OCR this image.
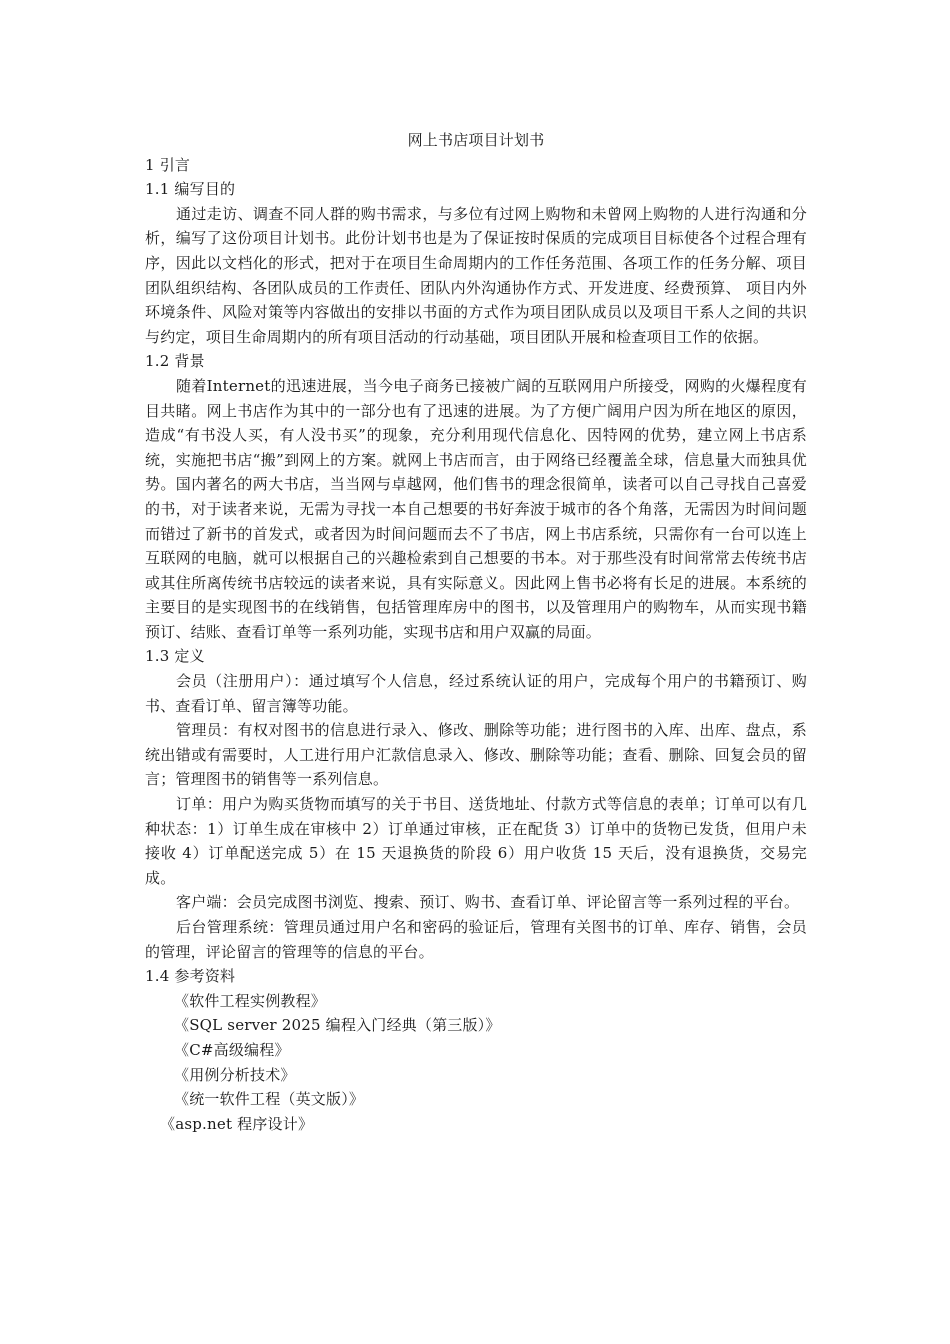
网上书店项目计划书

1 引言

1.1 编写目的

通过走访、调查不同人群的购书需求，与多位有过网上购物和未曾网上购物的人进行沟通和分析，编写了这份项目计划书。此份计划书也是为了保证按时保质的完成项目目标使各个过程合理有序，因此以文档化的形式，把对于在项目生命周期内的工作任务范围、各项工作的任务分解、项目团队组织结构、各团队成员的工作责任、团队内外沟通协作方式、开发进度、经费预算、 项目内外环境条件、风险对策等内容做出的安排以书面的方式作为项目团队成员以及项目干系人之间的共识与约定，项目生命周期内的所有项目活动的行动基础，项目团队开展和检查项目工作的依据。

1.2 背景

随着Internet的迅速进展，当今电子商务已接被广阔的互联网用户所接受，网购的火爆程度有目共睹。网上书店作为其中的一部分也有了迅速的进展。为了方便广阔用户因为所在地区的原因，造成“有书没人买，有人没书买”的现象，充分利用现代信息化、因特网的优势，建立网上书店系统，实施把书店“搬”到网上的方案。就网上书店而言，由于网络已经覆盖全球，信息量大而独具优势。国内著名的两大书店，当当网与卓越网，他们售书的理念很简单，读者可以自己寻找自己喜爱的书，对于读者来说，无需为寻找一本自己想要的书好奔波于城市的各个角落，无需因为时间问题而错过了新书的首发式，或者因为时间问题而去不了书店，网上书店系统，只需你有一台可以连上互联网的电脑，就可以根据自己的兴趣检索到自己想要的书本。对于那些没有时间常常去传统书店或其住所离传统书店较远的读者来说，具有实际意义。因此网上售书必将有长足的进展。本系统的主要目的是实现图书的在线销售，包括管理库房中的图书，以及管理用户的购物车，从而实现书籍预订、结账、查看订单等一系列功能，实现书店和用户双赢的局面。

1.3 定义

会员（注册用户）：通过填写个人信息，经过系统认证的用户，完成每个用户的书籍预订、购书、查看订单、留言簿等功能。

管理员：有权对图书的信息进行录入、修改、删除等功能；进行图书的入库、出库、盘点，系统出错或有需要时，人工进行用户汇款信息录入、修改、删除等功能；查看、删除、回复会员的留言；管理图书的销售等一系列信息。

订单：用户为购买货物而填写的关于书目、送货地址、付款方式等信息的表单；订单可以有几种状态：1）订单生成在审核中 2）订单通过审核，正在配货 3）订单中的货物已发货，但用户未接收 4）订单配送完成 5）在 15 天退换货的阶段 6）用户收货 15 天后，没有退换货，交易完成。

客户端：会员完成图书浏览、搜索、预订、购书、查看订单、评论留言等一系列过程的平台。

后台管理系统：管理员通过用户名和密码的验证后，管理有关图书的订单、库存、销售，会员的管理，评论留言的管理等的信息的平台。

1.4 参考资料

《软件工程实例教程》
《SQL server 2025 编程入门经典（第三版）》
《C#高级编程》
《用例分析技术》
《统一软件工程（英文版）》
《asp.net 程序设计》
